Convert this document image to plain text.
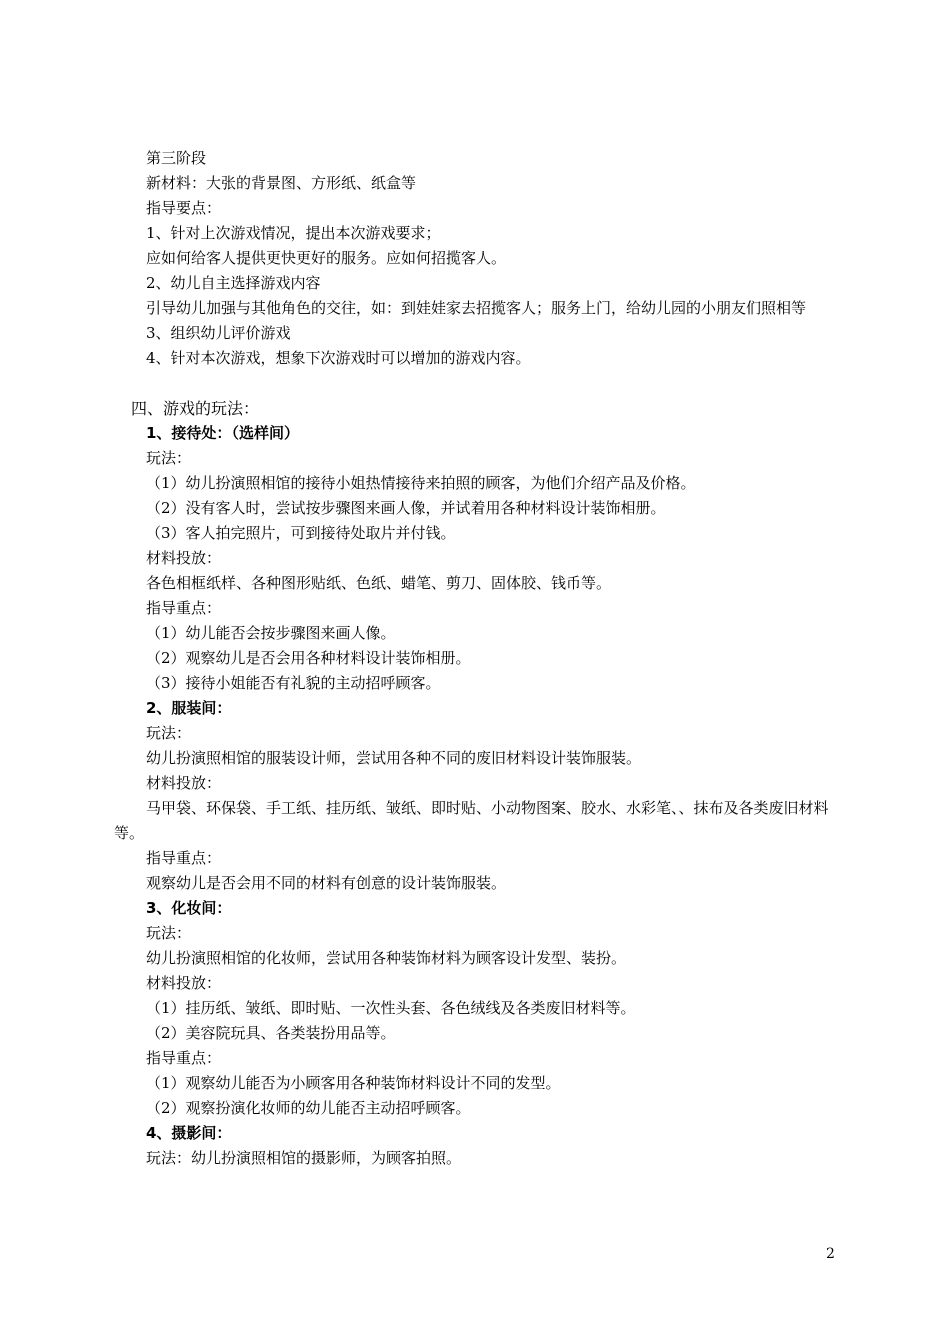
第三阶段

新材料：大张的背景图、方形纸、纸盒等

指导要点：

1、针对上次游戏情况，提出本次游戏要求；

应如何给客人提供更快更好的服务。应如何招揽客人。

2、幼儿自主选择游戏内容

引导幼儿加强与其他角色的交往，如：到娃娃家去招揽客人；服务上门，给幼儿园的小朋友们照相等

3、组织幼儿评价游戏

4、针对本次游戏，想象下次游戏时可以增加的游戏内容。

四、游戏的玩法：

1、接待处：（选样间）

玩法：

（1）幼儿扮演照相馆的接待小姐热情接待来拍照的顾客，为他们介绍产品及价格。

（2）没有客人时，尝试按步骤图来画人像，并试着用各种材料设计装饰相册。

（3）客人拍完照片，可到接待处取片并付钱。

材料投放：

各色相框纸样、各种图形贴纸、色纸、蜡笔、剪刀、固体胶、钱币等。

指导重点：

（1）幼儿能否会按步骤图来画人像。

（2）观察幼儿是否会用各种材料设计装饰相册。

（3）接待小姐能否有礼貌的主动招呼顾客。

2、服装间：

玩法：

幼儿扮演照相馆的服装设计师，尝试用各种不同的废旧材料设计装饰服装。

材料投放：

马甲袋、环保袋、手工纸、挂历纸、皱纸、即时贴、小动物图案、胶水、水彩笔、、抹布及各类废旧材料等。

指导重点：

观察幼儿是否会用不同的材料有创意的设计装饰服装。

3、化妆间：

玩法：

幼儿扮演照相馆的化妆师，尝试用各种装饰材料为顾客设计发型、装扮。

材料投放：

（1）挂历纸、皱纸、即时贴、一次性头套、各色绒线及各类废旧材料等。

（2）美容院玩具、各类装扮用品等。

指导重点：

（1）观察幼儿能否为小顾客用各种装饰材料设计不同的发型。

（2）观察扮演化妆师的幼儿能否主动招呼顾客。

4、摄影间：

玩法：幼儿扮演照相馆的摄影师，为顾客拍照。

2
